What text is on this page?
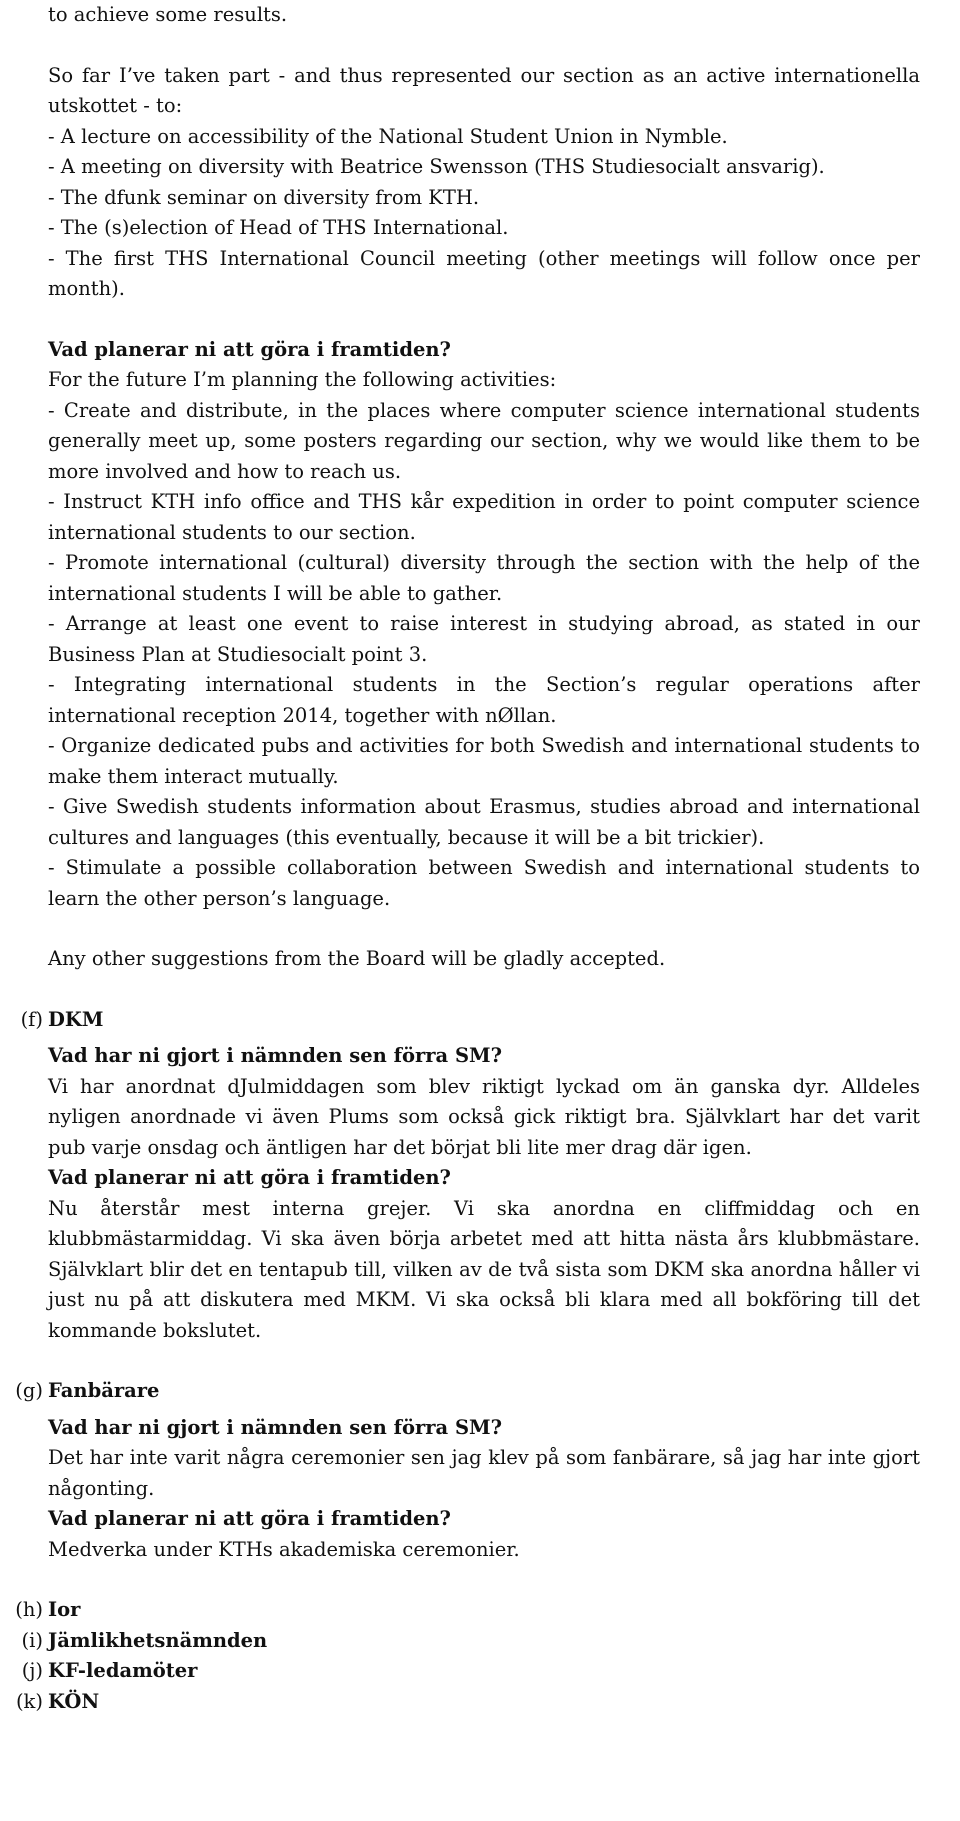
to achieve some results.

So far I’ve taken part - and thus represented our section as an active internationella utskottet - to:

- A lecture on accessibility of the National Student Union in Nymble.

- A meeting on diversity with Beatrice Swensson (THS Studiesocialt ansvarig).

- The dfunk seminar on diversity from KTH.

- The (s)election of Head of THS International.

- The first THS International Council meeting (other meetings will follow once per month).

Vad planerar ni att göra i framtiden?

For the future I’m planning the following activities:

- Create and distribute, in the places where computer science international students generally meet up, some posters regarding our section, why we would like them to be more involved and how to reach us.

- Instruct KTH info office and THS kår expedition in order to point computer science international students to our section.

- Promote international (cultural) diversity through the section with the help of the international students I will be able to gather.

- Arrange at least one event to raise interest in studying abroad, as stated in our Business Plan at Studiesocialt point 3.

- Integrating international students in the Section’s regular operations after international reception 2014, together with nØllan.

- Organize dedicated pubs and activities for both Swedish and international students to make them interact mutually.

- Give Swedish students information about Erasmus, studies abroad and international cultures and languages (this eventually, because it will be a bit trickier).

- Stimulate a possible collaboration between Swedish and international students to learn the other person’s language.

Any other suggestions from the Board will be gladly accepted.

(f) DKM

Vad har ni gjort i nämnden sen förra SM?

Vi har anordnat dJulmiddagen som blev riktigt lyckad om än ganska dyr. Alldeles nyligen anordnade vi även Plums som också gick riktigt bra. Självklart har det varit pub varje onsdag och äntligen har det börjat bli lite mer drag där igen.

Vad planerar ni att göra i framtiden?

Nu återstår mest interna grejer. Vi ska anordna en cliffmiddag och en klubbmästarmiddag. Vi ska även börja arbetet med att hitta nästa års klubbmästare. Självklart blir det en tentapub till, vilken av de två sista som DKM ska anordna håller vi just nu på att diskutera med MKM. Vi ska också bli klara med all bokföring till det kommande bokslutet.

(g) Fanbärare

Vad har ni gjort i nämnden sen förra SM?

Det har inte varit några ceremonier sen jag klev på som fanbärare, så jag har inte gjort någonting.

Vad planerar ni att göra i framtiden?

Medverka under KTHs akademiska ceremonier.

(h) Ior

(i) Jämlikhetsnämnden

(j) KF-ledamöter

(k) KÖN
